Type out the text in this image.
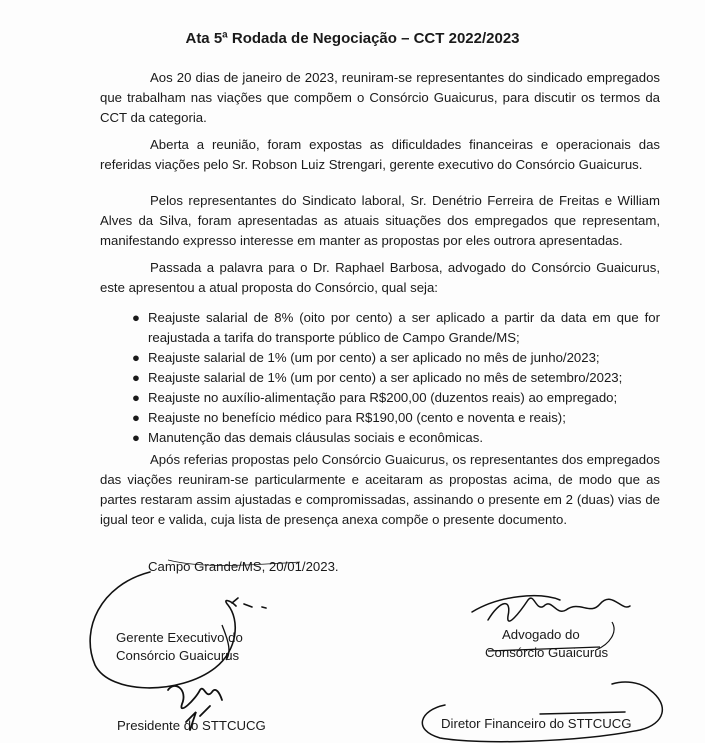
Ata 5ª Rodada de Negociação – CCT 2022/2023

Aos 20 dias de janeiro de 2023, reuniram-se representantes do sindicado empregados que trabalham nas viações que compõem o Consórcio Guaicurus, para discutir os termos da CCT da categoria.

Aberta a reunião, foram expostas as dificuldades financeiras e operacionais das referidas viações pelo Sr. Robson Luiz Strengari, gerente executivo do Consórcio Guaicurus.

Pelos representantes do Sindicato laboral, Sr. Denétrio Ferreira de Freitas e William Alves da Silva, foram apresentadas as atuais situações dos empregados que representam, manifestando expresso interesse em manter as propostas por eles outrora apresentadas.

Passada a palavra para o Dr. Raphael Barbosa, advogado do Consórcio Guaicurus, este apresentou a atual proposta do Consórcio, qual seja:

● Reajuste salarial de 8% (oito por cento) a ser aplicado a partir da data em que for reajustada a tarifa do transporte público de Campo Grande/MS;
● Reajuste salarial de 1% (um por cento) a ser aplicado no mês de junho/2023;
● Reajuste salarial de 1% (um por cento) a ser aplicado no mês de setembro/2023;
● Reajuste no auxílio-alimentação para R$200,00 (duzentos reais) ao empregado;
● Reajuste no benefício médico para R$190,00 (cento e noventa e reais);
● Manutenção das demais cláusulas sociais e econômicas.

Após referias propostas pelo Consórcio Guaicurus, os representantes dos empregados das viações reuniram-se particularmente e aceitaram as propostas acima, de modo que as partes restaram assim ajustadas e compromissadas, assinando o presente em 2 (duas) vias de igual teor e valida, cuja lista de presença anexa compõe o presente documento.

Campo Grande/MS, 20/01/2023.
Gerente Executivo do
Consórcio Guaicurus
Advogado do
Consórcio Guaicurus
Presidente do STTCUCG	Diretor Financeiro do STTCUCG
